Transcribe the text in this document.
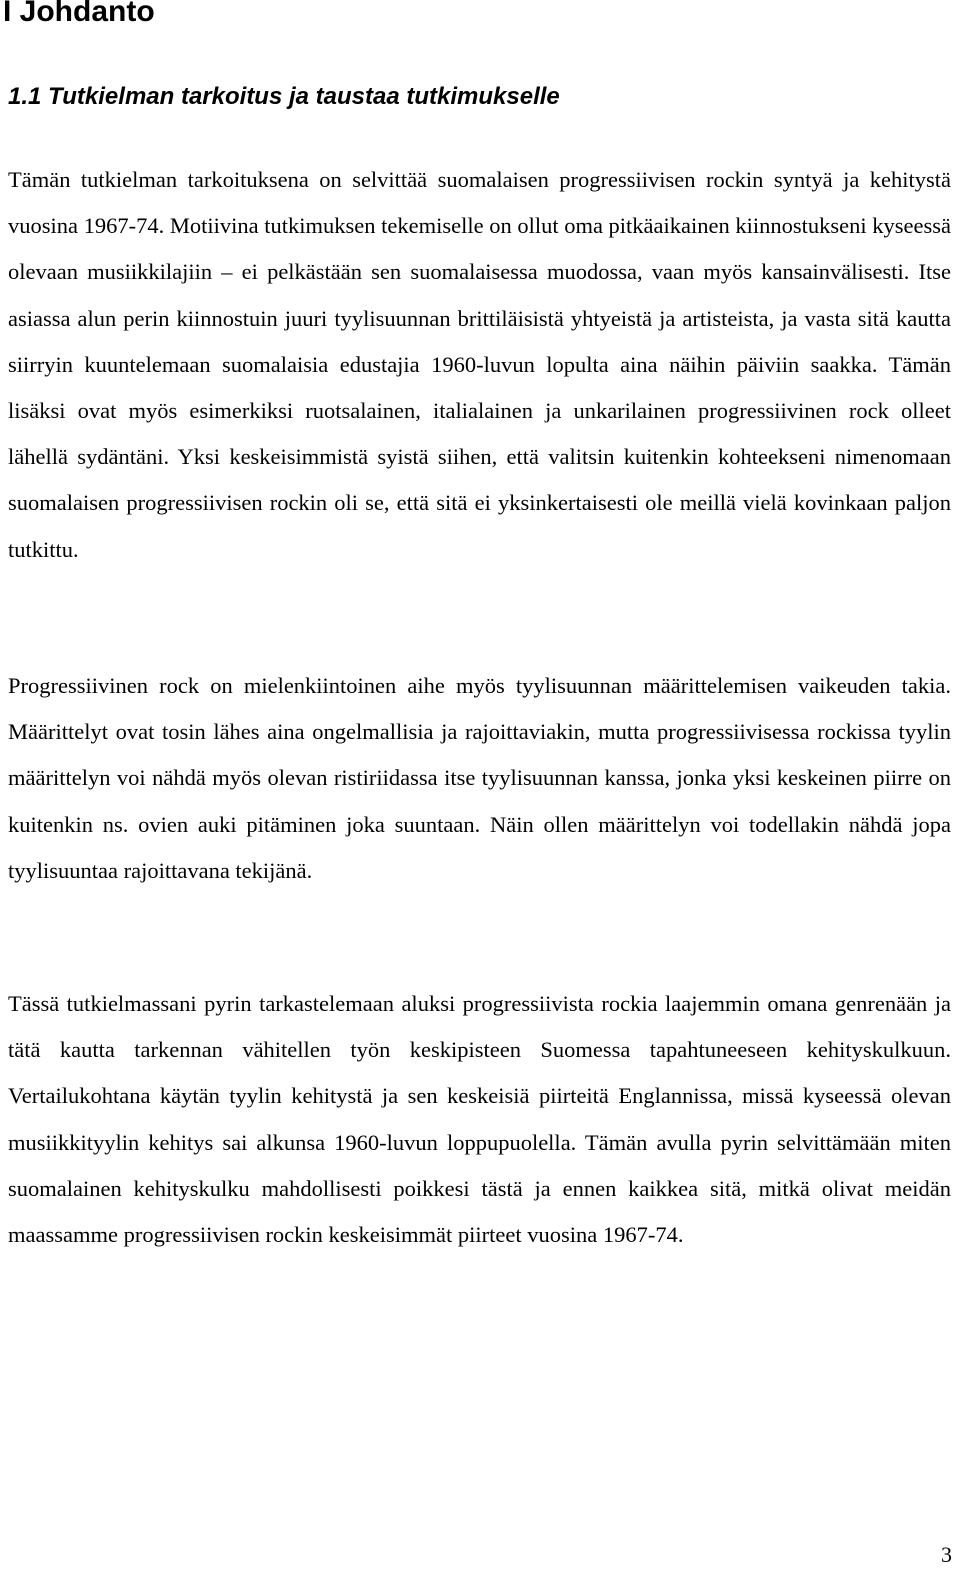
I Johdanto
1.1 Tutkielman tarkoitus ja taustaa tutkimukselle

Tämän tutkielman tarkoituksena on selvittää suomalaisen progressiivisen rockin syntyä ja kehitystä vuosina 1967-74. Motiivina tutkimuksen tekemiselle on ollut oma pitkäaikainen kiinnostukseni kyseessä olevaan musiikkilajiin – ei pelkästään sen suomalaisessa muodossa, vaan myös kansainvälisesti. Itse asiassa alun perin kiinnostuin juuri tyylisuunnan brittiläisistä yhtyeistä ja artisteista, ja vasta sitä kautta siirryin kuuntelemaan suomalaisia edustajia 1960-luvun lopulta aina näihin päiviin saakka. Tämän lisäksi ovat myös esimerkiksi ruotsalainen, italialainen ja unkarilainen progressiivinen rock olleet lähellä sydäntäni. Yksi keskeisimmistä syistä siihen, että valitsin kuitenkin kohteekseni nimenomaan suomalaisen progressiivisen rockin oli se, että sitä ei yksinkertaisesti ole meillä vielä kovinkaan paljon tutkittu.

Progressiivinen rock on mielenkiintoinen aihe myös tyylisuunnan määrittelemisen vaikeuden takia. Määrittelyt ovat tosin lähes aina ongelmallisia ja rajoittaviakin, mutta progressiivisessa rockissa tyylin määrittelyn voi nähdä myös olevan ristiriidassa itse tyylisuunnan kanssa, jonka yksi keskeinen piirre on kuitenkin ns. ovien auki pitäminen joka suuntaan. Näin ollen määrittelyn voi todellakin nähdä jopa tyylisuuntaa rajoittavana tekijänä.

Tässä tutkielmassani pyrin tarkastelemaan aluksi progressiivista rockia laajemmin omana genrenään ja tätä kautta tarkennan vähitellen työn keskipisteen Suomessa tapahtuneeseen kehityskulkuun. Vertailukohtana käytän tyylin kehitystä ja sen keskeisiä piirteitä Englannissa, missä kyseessä olevan musiikkityylin kehitys sai alkunsa 1960-luvun loppupuolella. Tämän avulla pyrin selvittämään miten suomalainen kehityskulku mahdollisesti poikkesi tästä ja ennen kaikkea sitä, mitkä olivat meidän maassamme progressiivisen rockin keskeisimmät piirteet vuosina 1967-74.

3
